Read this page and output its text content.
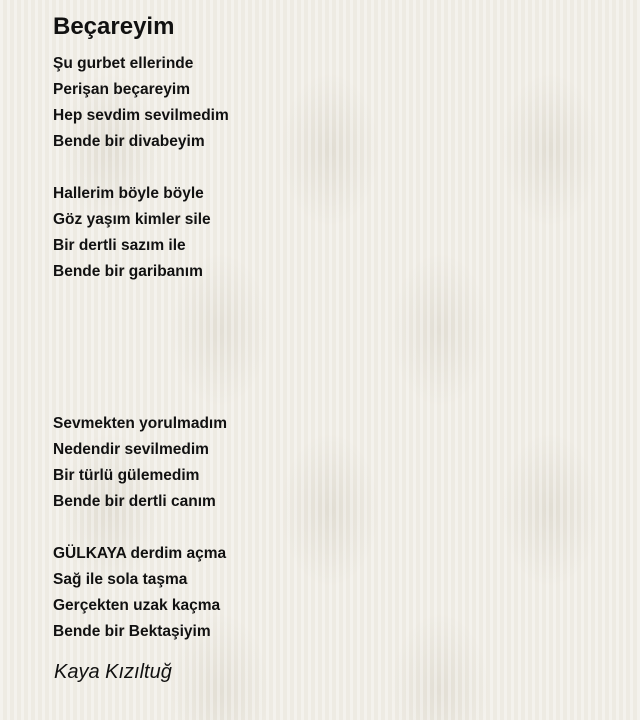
Beçareyim
Şu gurbet ellerinde
Perişan beçareyim
Hep sevdim sevilmedim
Bende bir divabeyim
Hallerim böyle böyle
Göz yaşım kimler sile
Bir dertli sazım ile
Bende bir garibanım
Sevmekten yorulmadım
Nedendir sevilmedim
Bir türlü gülemedim
Bende bir dertli canım
GÜLKAYA derdim açma
Sağ ile sola taşma
Gerçekten uzak kaçma
Bende bir Bektaşiyim
Kaya Kızıltuğ
